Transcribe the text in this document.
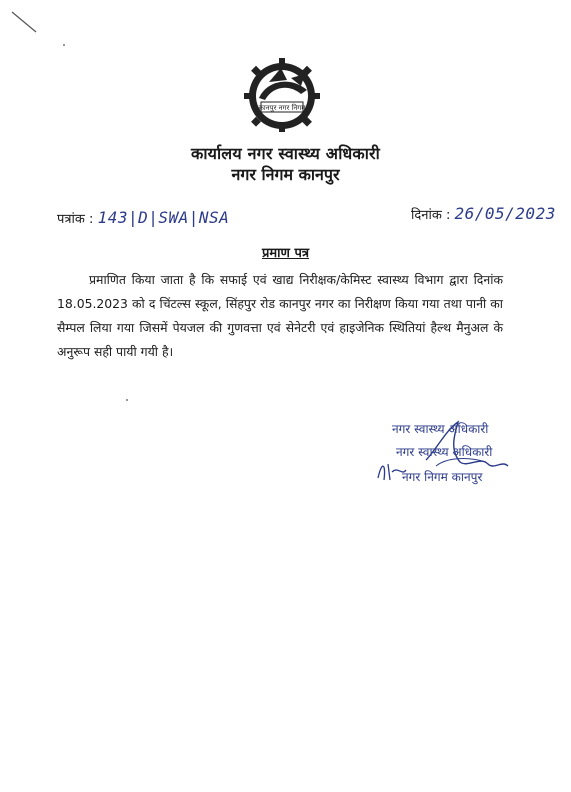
कानपुर नगर निगम
कार्यालय नगर स्वास्थ्य अधिकारी
नगर निगम कानपुर
पत्रांक : 143|D|SWA|NSA	दिनांक : 26/05/2023
प्रमाण पत्र

प्रमाणित किया जाता है कि सफाई एवं खाद्य निरीक्षक/केमिस्ट स्वास्थ्य विभाग द्वारा दिनांक 18.05.2023 को द चिंटल्स स्कूल, सिंहपुर रोड कानपुर नगर का निरीक्षण किया गया तथा पानी का सैम्पल लिया गया जिसमें पेयजल की गुणवत्ता एवं सेनेटरी एवं हाइजेनिक स्थितियां हैल्थ मैनुअल के अनुरूप सही पायी गयी है।

नगर स्वास्थ्य अधिकारी
नगर स्वास्थ्य अधिकारी
नगर निगम कानपुर
